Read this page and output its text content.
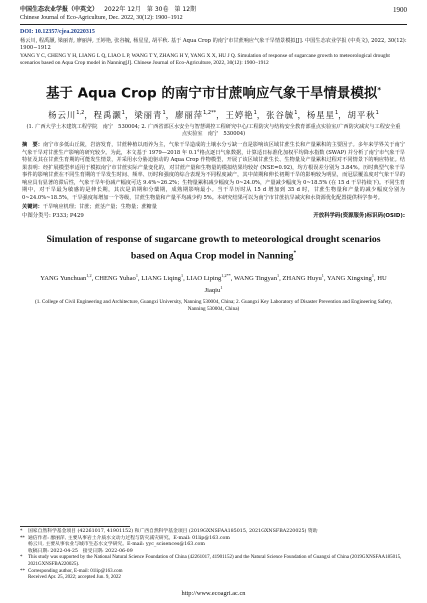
中国生态农业学报（中英文） 2022年 12月　第 30卷　第 12期
Chinese Journal of Eco-Agriculture, Dec. 2022, 30(12): 1900−1912
1900
DOI: 10.12357/cjea.20220315
杨云川, 程禹灏, 梁丽青, 廖丽萍, 王婷艳, 张谷毓, 杨星星, 胡平秋. 基于 Aqua Crop 的南宁市甘蔗响应气象干旱情景模拟[J]. 中国生态农业学报 (中英文), 2022, 30(12): 1900−1912
YANG Y C, CHENG Y H, LIANG L Q, LIAO L P, WANG T Y, ZHANG H Y, YANG X X, HU J Q. Simulation of response of sugarcane growth to meteorological drought scenarios based on Aqua Crop model in Nanning[J]. Chinese Journal of Eco-Agriculture, 2022, 30(12): 1900−1912
基于 Aqua Crop 的南宁市甘蔗响应气象干旱情景模拟*
杨云川$^{1,2}$，程禹灏$^1$，梁丽青$^1$，廖丽萍$^{1,2**}$，王婷艳$^1$，张谷毓$^1$，杨星星$^1$，胡平秋$^1$
(1. 广西大学土木建筑工程学院　南宁　530004; 2. 广西省部区水安全与智慧调控工程研究中心/工程防灾与结构安全教育部重点实验室/广西防灾减灾与工程安全重点实验室　南宁　530004)
摘　要：南宁市多低山丘陵，岩溶发育，甘蔗种植以雨养为主，气象干旱造成的土壤水分亏缺一直是影响该区域甘蔗生长和产量累积的主要因子。多年来学界关于南宁气象干旱对甘蔗生产影响的研究较少。为此，本文基于 1979—2018 年 0.1°格点逐日气象数据，计算适日标准化加权平均降水指数 (SWAP) 并分析了南宁市气象干旱特征及其在甘蔗生育期的可能发生情景，并采用水分胁迫驱动的 Aqua Crop 作物模型，开展了该区域甘蔗生长、生物量及产量累积过程对不同情景下的响应特征。结果表明：经扩展模型率适用于模拟南宁市甘蔗实际产量变化的，对甘蔗产量和生物量的模拟结果均较好 (NSE=0.92)，均方根误差分别为 3.84%。历时典型气象干旱事件的影响甘蔗在不同生育期的干旱发生时间、频率、历时和强度的综合表现为不同程度减产，其中苗期和伸长初期干旱的影响较为明显，而冠层覆盖度对气象干旱的响应具有显著的滞后性，气象干旱年份减产幅度可达 9.4%~26.2%；生物量累积减少幅度为 0~24.0%，产量减少幅度为 0~18.5% (在 15 d 干旱持续下)。不同生育期中，对干旱最为敏感的是伸长期，其次是苗期和分蘖期，成熟期影响最小。当干旱历时从 15 d 增加到 35 d 时，甘蔗生物量和产量的减少幅度分别为 0~24.0%~18.5%，干旱强度每增加一个等级，甘蔗生物量和产量平均减少约 5%。本研究结果可以为南宁市甘蔗抗旱减灾和水资源优化配置提供科学参考。
关键词：干旱响应机理；甘蔗；蔗茎产量；生物量；蔗糖量
中图分类号: P333; P429	开放科学码(资源服务)标识码(OSID):
Simulation of response of sugarcane growth to meteorological drought scenarios based on Aqua Crop model in Nanning*
YANG Yunchuan$^{1,2}$, CHENG Yuhao$^1$, LIANG Liqing$^1$, LIAO Liping$^{1,2**}$, WANG Tingyan$^1$, ZHANG Huyu$^1$, YANG Xingxing$^1$, HU Jiaqiu$^1$
(1. College of Civil Engineering and Architecture, Guangxi University, Nanning 530004, China; 2. Guangxi Key Laboratory of Disaster Prevention and Engineering Safety, Nanning 530004, China)
* 国家自然科学基金项目 (42261017, 41901152) 和广西自然科学基金项目 (2019GXNSFAA185015, 2021GXNSFBA220025) 资助
** 通信作者: 廖丽萍, 主要从事岩土介质水文动力过程与防灾减灾研究。E-mail: 01lip@163.com
杨云川, 主要从事农业与城市生态水文学研究。E-mail: yyc_scisences@163.com
收稿日期: 2022-04-25　接受日期: 2022-06-09
* This study was supported by the National Natural Science Foundation of China (42261017, 41901152) and the Natural Science Foundation of Guangxi of China (2019GXNSFAA185015, 2021GXNSFBA220025).
** Corresponding author, E-mail: 01lip@163.com
Received Apr. 25, 2022; accepted Jun. 9, 2022
http://www.ecoagri.ac.cn
